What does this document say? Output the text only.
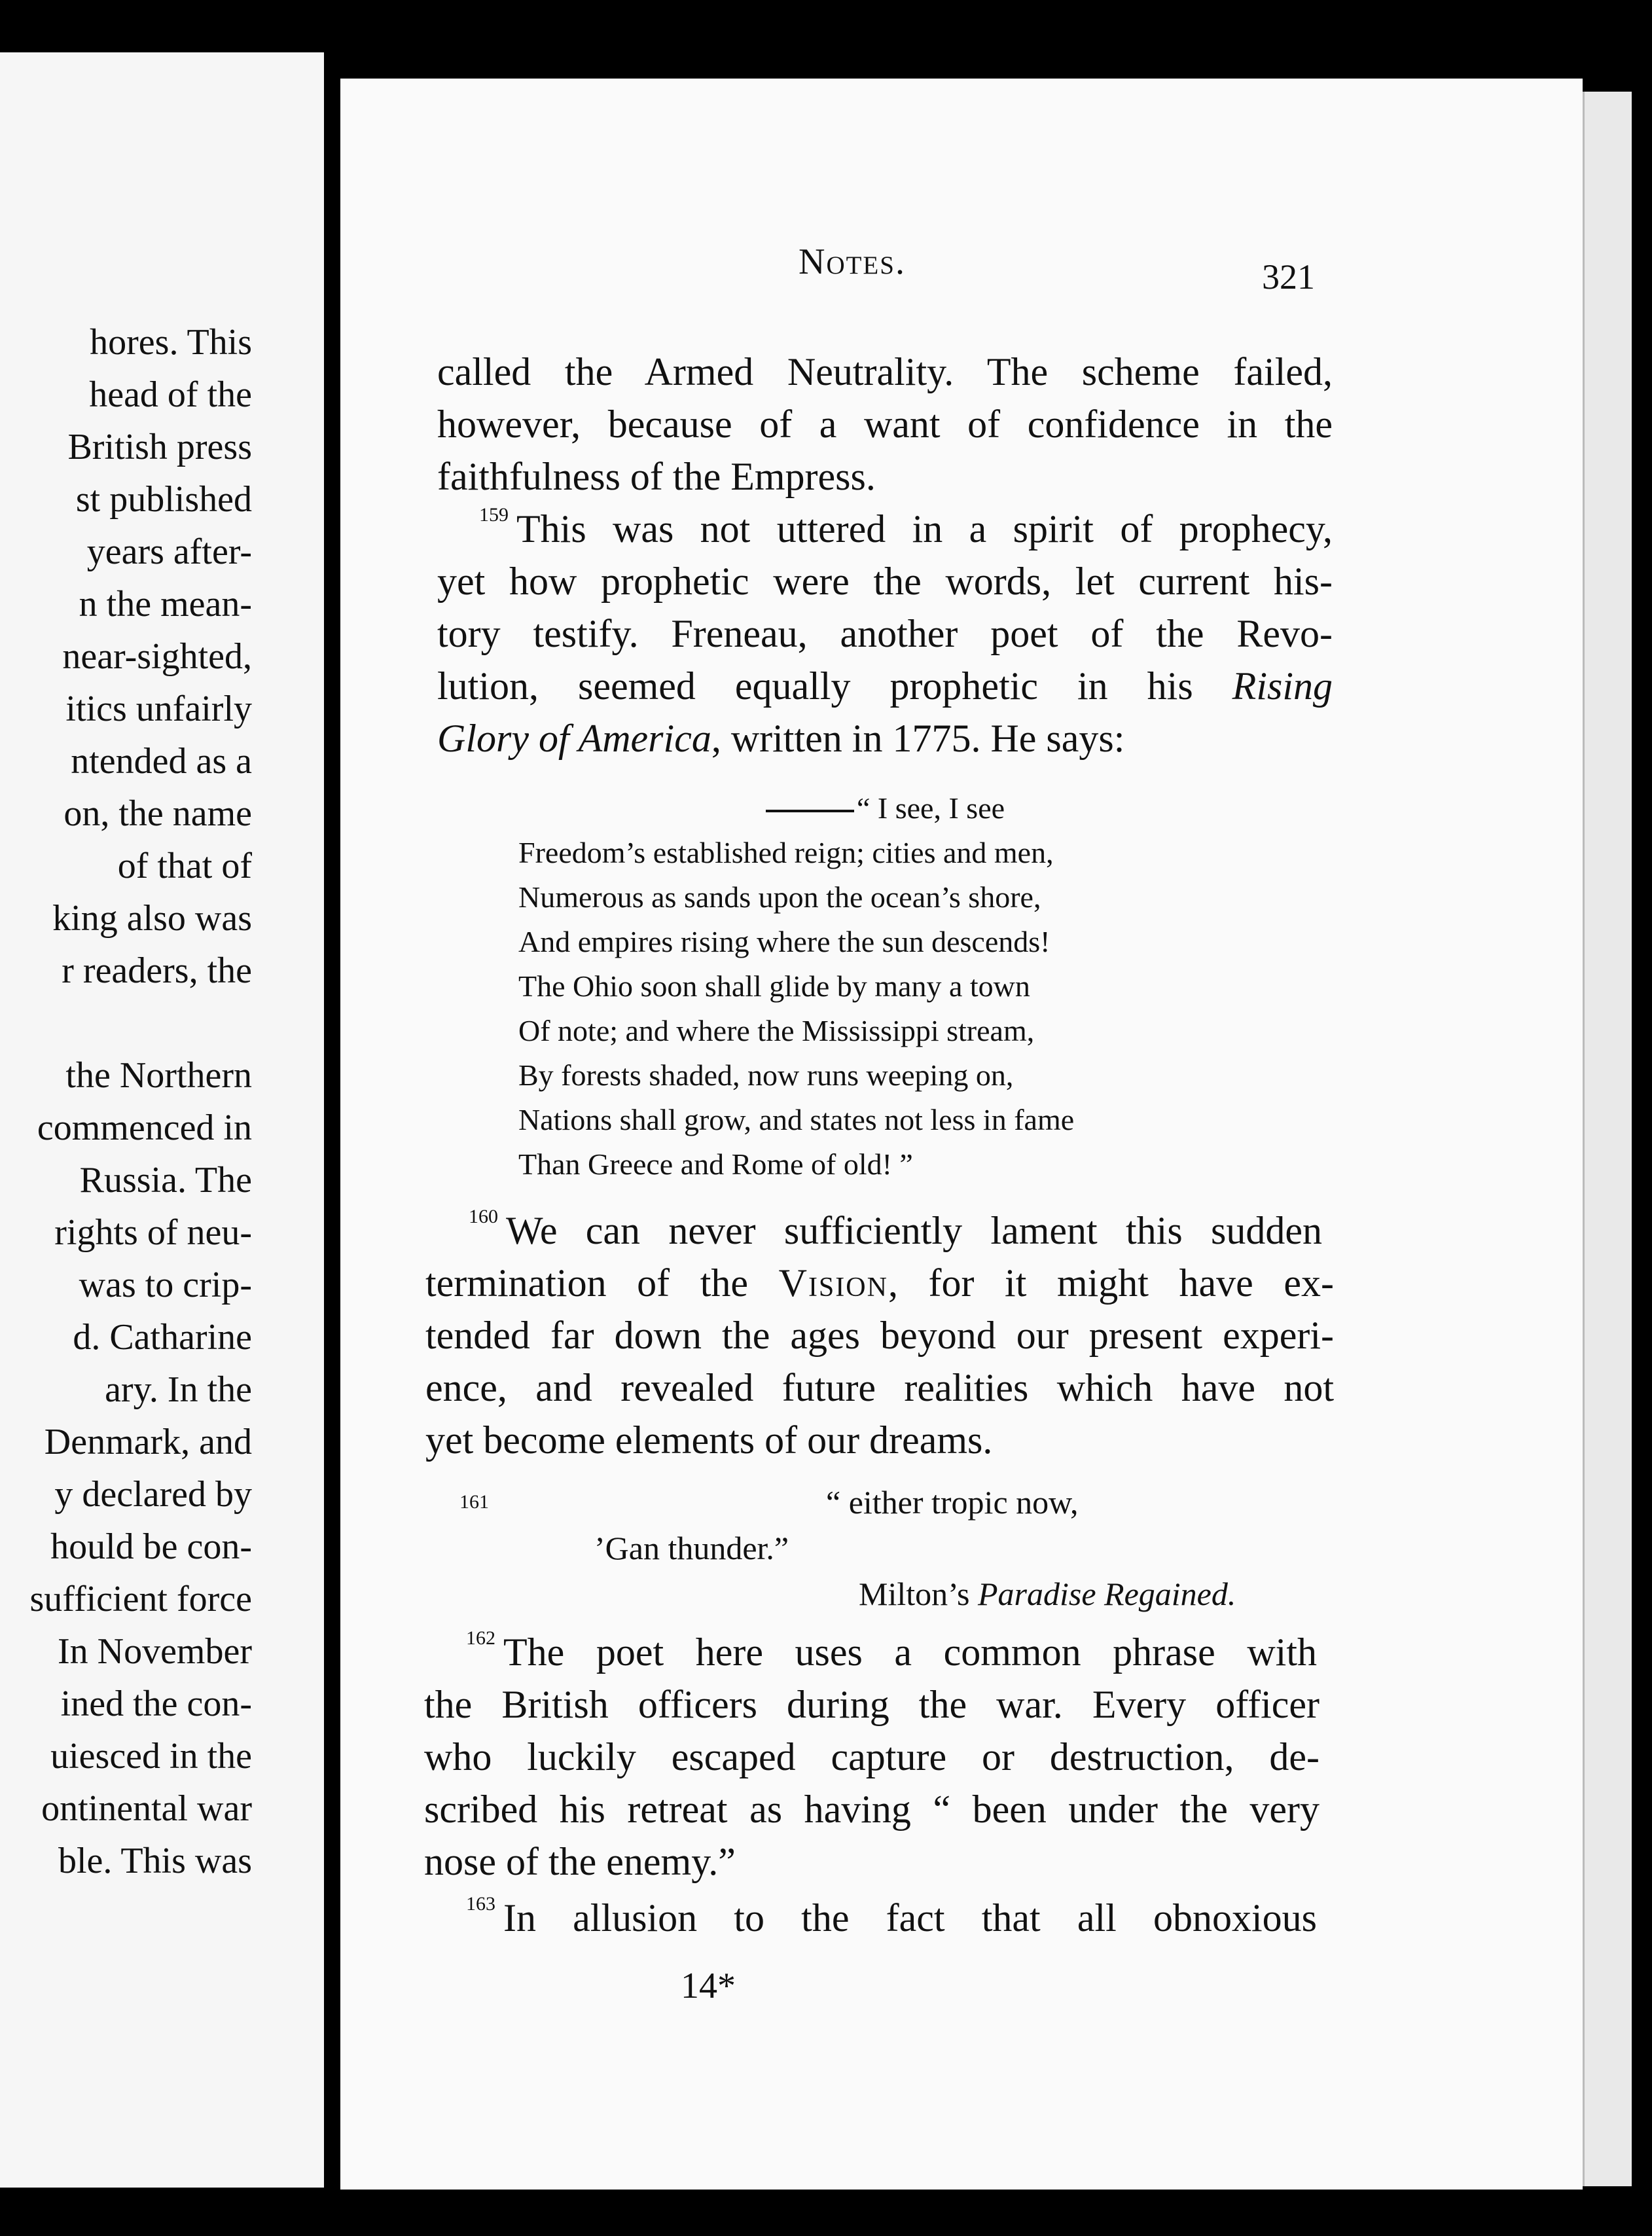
hores. This
head of the
British press
st published
years after-
n the mean-
near-sighted,
itics unfairly
ntended as a
on, the name
of that of
king also was
r readers, the
the Northern
commenced in
Russia. The
rights of neu-
was to crip-
d. Catharine
ary. In the
Denmark, and
y declared by
hould be con-
sufficient force
In November
ined the con-
uiesced in the
ontinental war
ble. This was
Notes.	321
called the Armed Neutrality. The scheme failed,
however, because of a want of confidence in the
faithfulness of the Empress.
$^{159}$ This was not uttered in a spirit of prophecy,
yet how prophetic were the words, let current his-
tory testify. Freneau, another poet of the Revo-
lution, seemed equally prophetic in his Rising
Glory of America, written in 1775. He says:
“ I see, I see
Freedom’s established reign; cities and men,
Numerous as sands upon the ocean’s shore,
And empires rising where the sun descends!
The Ohio soon shall glide by many a town
Of note; and where the Mississippi stream,
By forests shaded, now runs weeping on,
Nations shall grow, and states not less in fame
Than Greece and Rome of old! ”
$^{160}$ We can never sufficiently lament this sudden
termination of the Vision, for it might have ex-
tended far down the ages beyond our present experi-
ence, and revealed future realities which have not
yet become elements of our dreams.
161	“ either tropic now,
’Gan thunder.”
Milton’s Paradise Regained.
$^{162}$ The poet here uses a common phrase with
the British officers during the war. Every officer
who luckily escaped capture or destruction, de-
scribed his retreat as having “ been under the very
nose of the enemy.”
$^{163}$ In allusion to the fact that all obnoxious
14*
